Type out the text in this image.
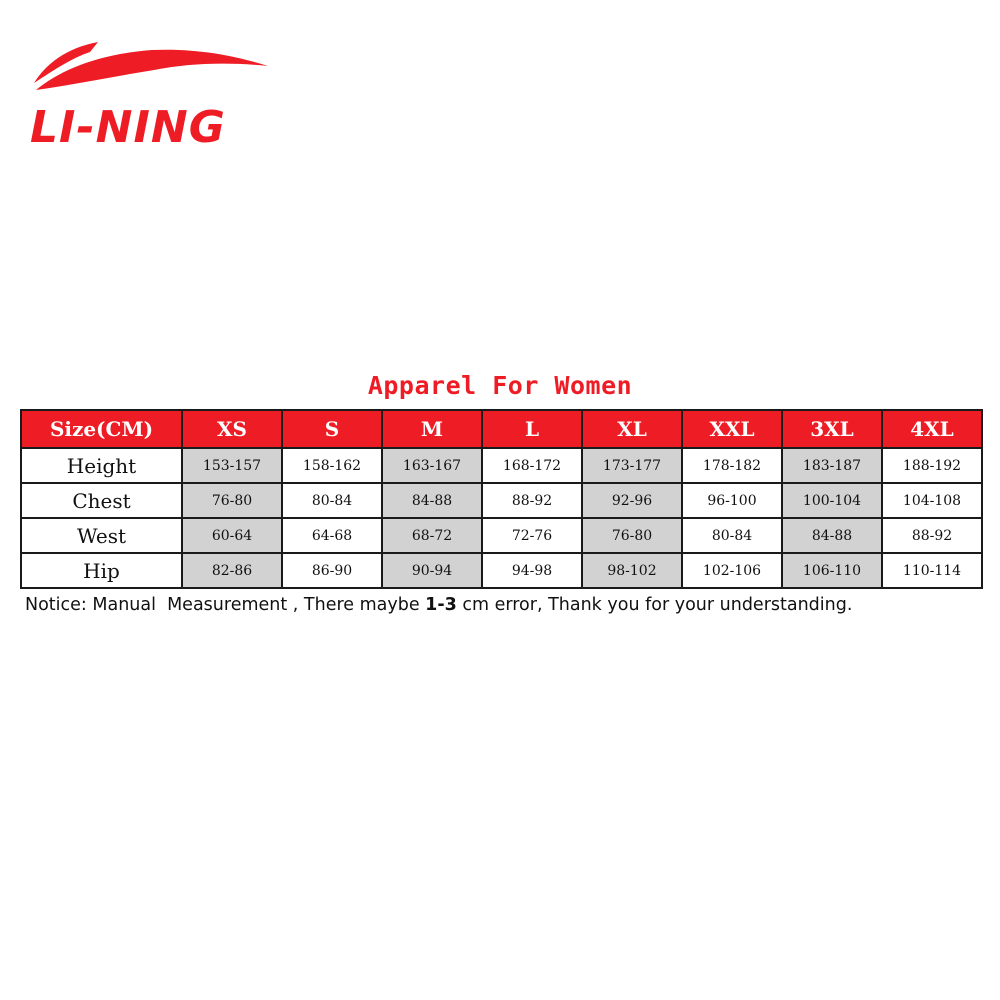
LI-NING
Apparel For Women
Size(CM)	XS	S	M	L	XL	XXL	3XL	4XL
Height	153-157	158-162	163-167	168-172	173-177	178-182	183-187	188-192
Chest	76-80	80-84	84-88	88-92	92-96	96-100	100-104	104-108
West	60-64	64-68	68-72	72-76	76-80	80-84	84-88	88-92
Hip	82-86	86-90	90-94	94-98	98-102	102-106	106-110	110-114
Notice: Manual  Measurement , There maybe 1-3 cm error, Thank you for your understanding.
